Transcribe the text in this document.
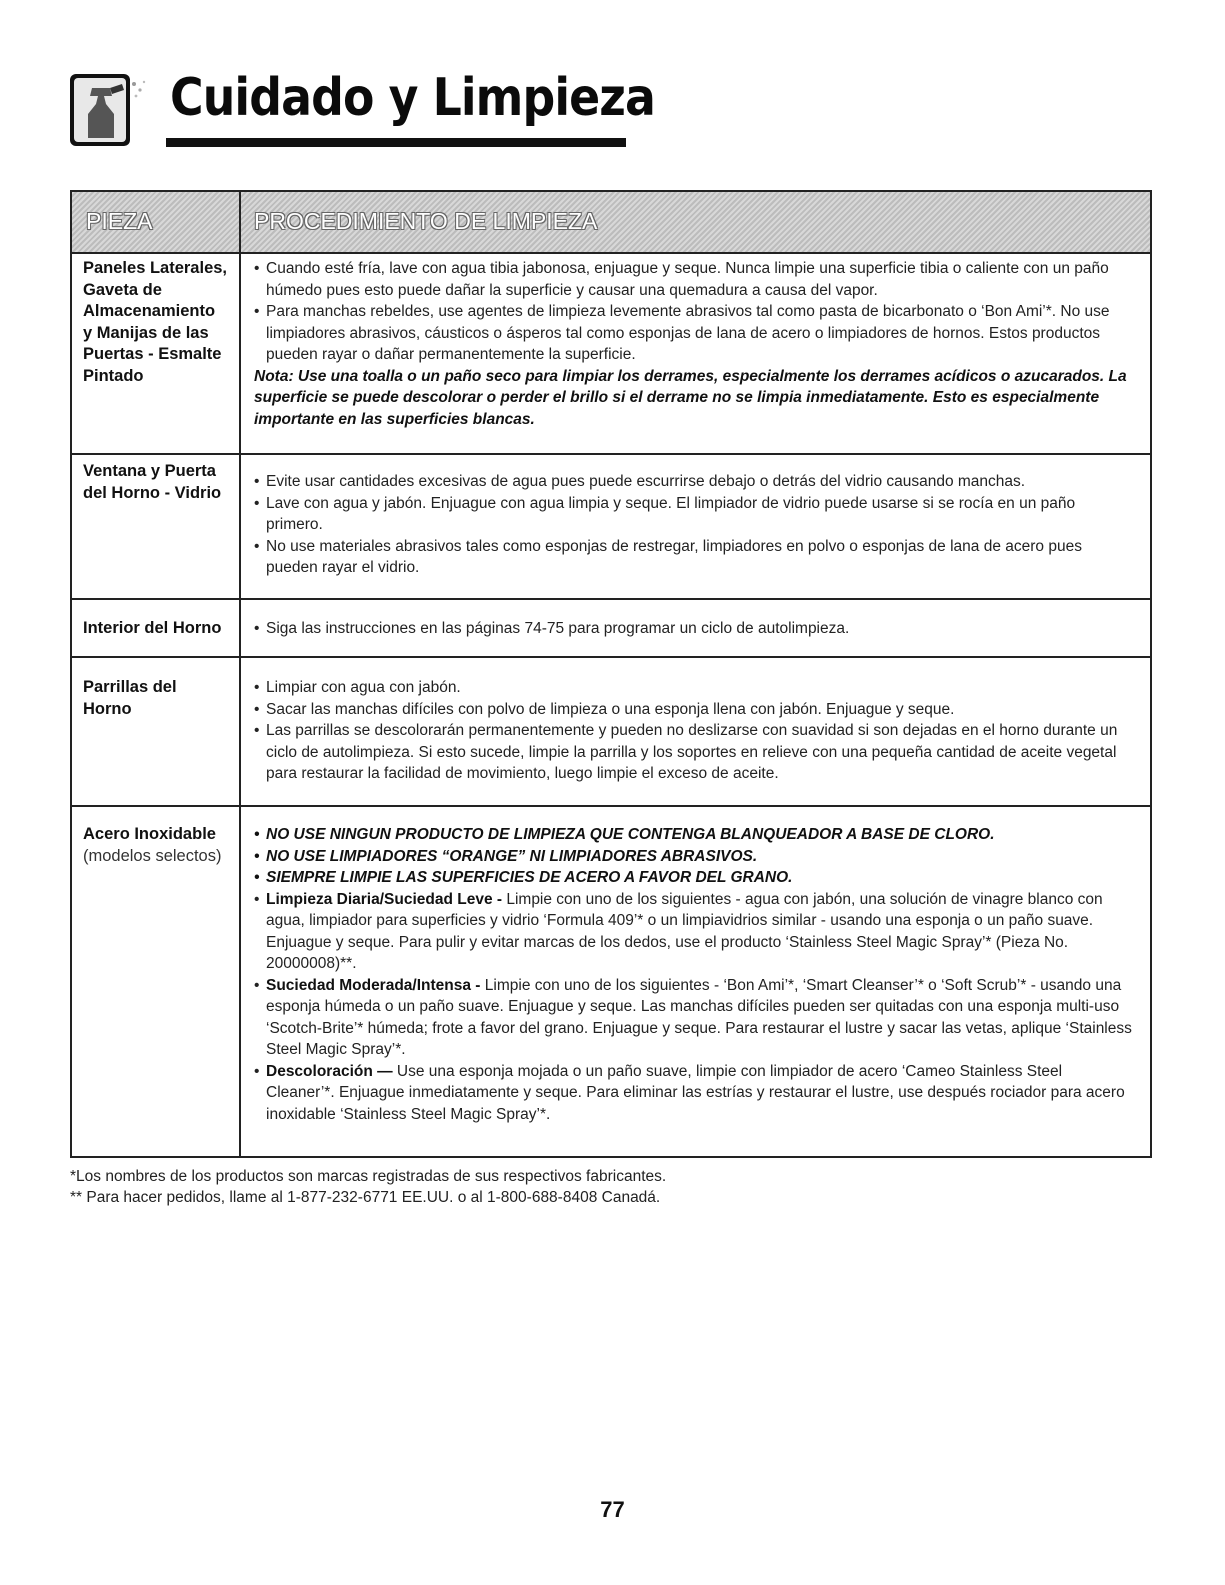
Cuidado y Limpieza
PIEZA	PROCEDIMIENTO DE LIMPIEZA
Paneles Laterales,
Gaveta de
Almacenamiento
y Manijas de las
Puertas - Esmalte
Pintado
• Cuando esté fría, lave con agua tibia jabonosa, enjuague y seque. Nunca limpie una superficie tibia o caliente con un paño húmedo pues esto puede dañar la superficie y causar una quemadura a causa del vapor.
• Para manchas rebeldes, use agentes de limpieza levemente abrasivos tal como pasta de bicarbonato o ‘Bon Ami’*. No use limpiadores abrasivos, cáusticos o ásperos tal como esponjas de lana de acero o limpiadores de hornos. Estos productos pueden rayar o dañar permanentemente la superficie.
Nota: Use una toalla o un paño seco para limpiar los derrames, especialmente los derrames acídicos o azucarados. La superficie se puede descolorar o perder el brillo si el derrame no se limpia inmediatamente. Esto es especialmente importante en las superficies blancas.
Ventana y Puerta
del Horno - Vidrio
• Evite usar cantidades excesivas de agua pues puede escurrirse debajo o detrás del vidrio causando manchas.
• Lave con agua y jabón. Enjuague con agua limpia y seque. El limpiador de vidrio puede usarse si se rocía en un paño primero.
• No use materiales abrasivos tales como esponjas de restregar, limpiadores en polvo o esponjas de lana de acero pues pueden rayar el vidrio.
Interior del Horno
•	Siga las instrucciones en las páginas 74-75 para programar un ciclo de autolimpieza.
Parrillas del
Horno
• Limpiar con agua con jabón.
• Sacar las manchas difíciles con polvo de limpieza o una esponja llena con jabón. Enjuague y seque.
• Las parrillas se descolorarán permanentemente y pueden no deslizarse con suavidad si son dejadas en el horno durante un ciclo de autolimpieza. Si esto sucede, limpie la parrilla y los soportes en relieve con una pequeña cantidad de aceite vegetal para restaurar la facilidad de movimiento, luego limpie el exceso de aceite.
Acero Inoxidable
(modelos selectos)
• NO USE NINGUN PRODUCTO DE LIMPIEZA QUE CONTENGA BLANQUEADOR A BASE DE CLORO.
• NO USE LIMPIADORES “ORANGE” NI LIMPIADORES ABRASIVOS.
• SIEMPRE LIMPIE LAS SUPERFICIES DE ACERO A FAVOR DEL GRANO.
• Limpieza Diaria/Suciedad Leve - Limpie con uno de los siguientes - agua con jabón, una solución de vinagre blanco con agua, limpiador para superficies y vidrio ‘Formula 409’* o un limpiavidrios similar - usando una esponja o un paño suave. Enjuague y seque. Para pulir y evitar marcas de los dedos, use el producto ‘Stainless Steel Magic Spray’* (Pieza No. 20000008)**.
• Suciedad Moderada/Intensa - Limpie con uno de los siguientes - ‘Bon Ami’*, ‘Smart Cleanser’* o ‘Soft Scrub’* - usando una esponja húmeda o un paño suave. Enjuague y seque. Las manchas difíciles pueden ser quitadas con una esponja multi-uso ‘Scotch-Brite’* húmeda; frote a favor del grano. Enjuague y seque. Para restaurar el lustre y sacar las vetas, aplique ‘Stainless Steel Magic Spray’*.
• Descoloración — Use una esponja mojada o un paño suave, limpie con limpiador de acero ‘Cameo Stainless Steel Cleaner’*. Enjuague inmediatamente y seque. Para eliminar las estrías y restaurar el lustre, use después rociador para acero inoxidable ‘Stainless Steel Magic Spray’*.
*Los nombres de los productos son marcas registradas de sus respectivos fabricantes.
** Para hacer pedidos, llame al 1-877-232-6771 EE.UU. o al 1-800-688-8408 Canadá.
77
